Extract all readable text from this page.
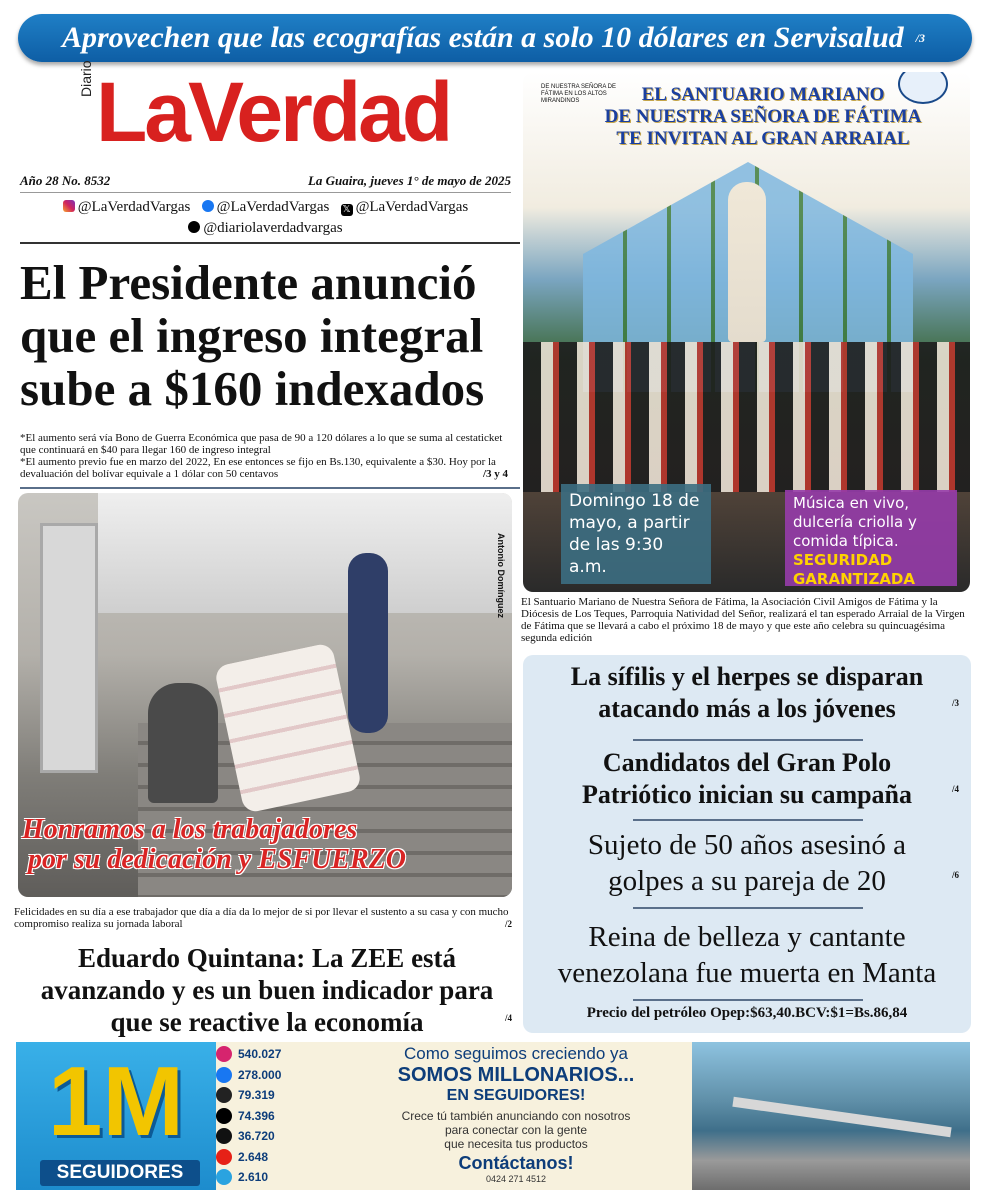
Aprovechen que las ecografías están a solo 10 dólares en Servisalud /3
Diario LaVerdad
Año 28 No. 8532	La Guaira, jueves 1° de mayo de 2025
@LaVerdadVargas @LaVerdadVargas 𝕏 @LaVerdadVargas
@diariolaverdadvargas
El Presidente anunció que el ingreso integral sube a $160 indexados
*El aumento será vía Bono de Guerra Económica que pasa de 90 a 120 dólares a lo que se suma al cestaticket que continuará en $40 para llegar 160 de ingreso integral
*El aumento previo fue en marzo del 2022, En ese entonces se fijo en Bs.130, equivalente a $30. Hoy por la devaluación del bolívar equivale a 1 dólar con 50 centavos	/3 y 4
Antonio Domínguez
Honramos a los trabajadores
por su dedicación y ESFUERZO
Felicidades en su día a ese trabajador que día a día da lo mejor de si por llevar el sustento a su casa y con mucho compromiso realiza su jornada laboral	/2
Eduardo Quintana: La ZEE está avanzando y es un buen indicador para que se reactive la economía	/4
DE NUESTRA SEÑORA DE FÁTIMA EN LOS ALTOS MIRANDINOS	EL SANTUARIO MARIANO
DE NUESTRA SEÑORA DE FÁTIMA
TE INVITAN AL GRAN ARRAIAL
Domingo 18 de mayo, a partir de las 9:30 a.m.
Música en vivo, dulcería criolla y comida típica.
SEGURIDAD GARANTIZADA
El Santuario Mariano de Nuestra Señora de Fátima, la Asociación Civil Amigos de Fátima y la Diócesis de Los Teques, Parroquia Natividad del Señor, realizará el tan esperado Arraial de la Virgen de Fátima que se llevará a cabo el próximo 18 de mayo y que este año celebra su quincuagésima segunda edición
La sífilis y el herpes se disparan atacando más a los jóvenes	/3
Candidatos del Gran Polo Patriótico inician su campaña	/4
Sujeto de 50 años asesinó a golpes a su pareja de 20	/6
Reina de belleza y cantante venezolana fue muerta en Manta
Precio del petróleo Opep:$63,40.BCV:$1=Bs.86,84
1M
SEGUIDORES
540.027
278.000
79.319
74.396
36.720
2.648
2.610
Como seguimos creciendo ya
SOMOS MILLONARIOS...
EN SEGUIDORES!
Crece tú también anunciando con nosotros
para conectar con la gente
que necesita tus productos
Contáctanos!
0424 271 4512
